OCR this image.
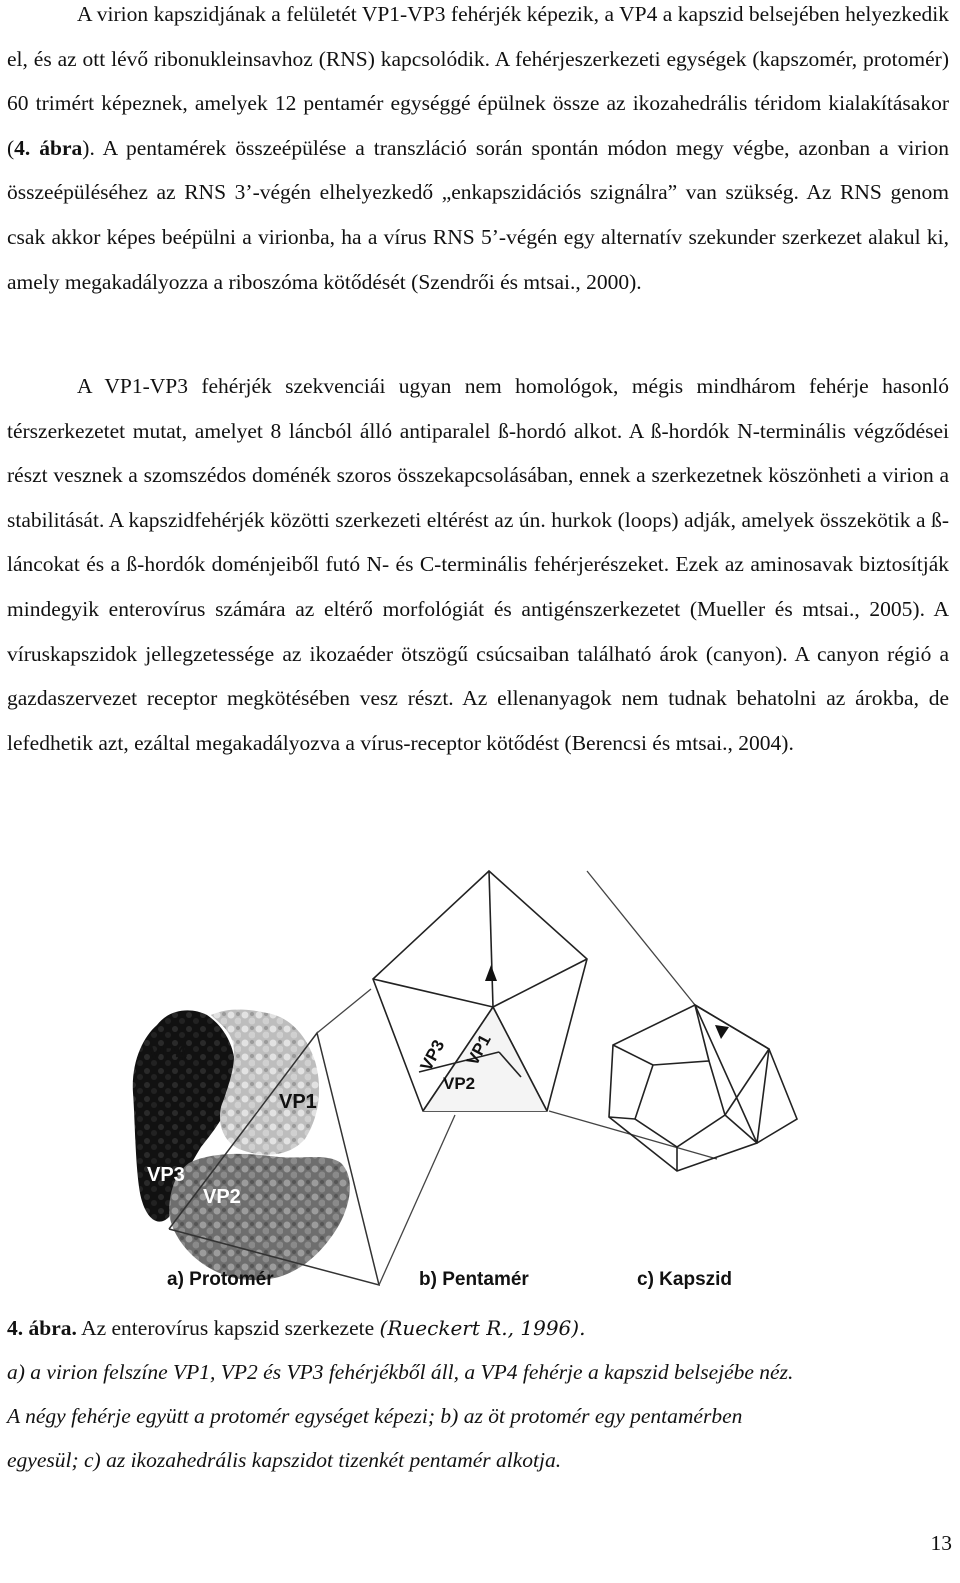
A virion kapszidjának a felületét VP1-VP3 fehérjék képezik, a VP4 a kapszid belsejében helyezkedik el, és az ott lévő ribonukleinsavhoz (RNS) kapcsolódik. A fehérjeszerkezeti egységek (kapszomér, protomér) 60 trimért képeznek, amelyek 12 pentamér egységgé épülnek össze az ikozahedrális téridom kialakításakor (4. ábra). A pentamérek összeépülése a transzláció során spontán módon megy végbe, azonban a virion összeépüléséhez az RNS 3’-végén elhelyezkedő „enkapszidációs szignálra” van szükség. Az RNS genom csak akkor képes beépülni a virionba, ha a vírus RNS 5’-végén egy alternatív szekunder szerkezet alakul ki, amely megakadályozza a riboszóma kötődését (Szendrői és mtsai., 2000).

A VP1-VP3 fehérjék szekvenciái ugyan nem homológok, mégis mindhárom fehérje hasonló térszerkezetet mutat, amelyet 8 láncból álló antiparalel ß-hordó alkot. A ß-hordók N-terminális végződései részt vesznek a szomszédos doménék szoros összekapcsolásában, ennek a szerkezetnek köszönheti a virion a stabilitását. A kapszidfehérjék közötti szerkezeti eltérést az ún. hurkok (loops) adják, amelyek összekötik a ß-láncokat és a ß-hordók doménjeiből futó N- és C-terminális fehérjerészeket. Ezek az aminosavak biztosítják mindegyik enterovírus számára az eltérő morfológiát és antigénszerkezetet (Mueller és mtsai., 2005). A víruskapszidok jellegzetessége az ikozaéder ötszögű csúcsaiban található árok (canyon). A canyon régió a gazdaszervezet receptor megkötésében vesz részt. Az ellenanyagok nem tudnak behatolni az árokba, de lefedhetik azt, ezáltal megakadályozva a vírus-receptor kötődést (Berencsi és mtsai., 2004).

VP4
VP1
VP3
VP2
VP3 VP1
VP2
a) Protomér	b) Pentamér	c) Kapszid

4. ábra. Az enterovírus kapszid szerkezete (Rueckert R., 1996).

a) a virion felszíne VP1, VP2 és VP3 fehérjékből áll, a VP4 fehérje a kapszid belsejébe néz.

A négy fehérje együtt a protomér egységet képezi; b) az öt protomér egy pentamérben

egyesül; c) az ikozahedrális kapszidot tizenkét pentamér alkotja.

13
